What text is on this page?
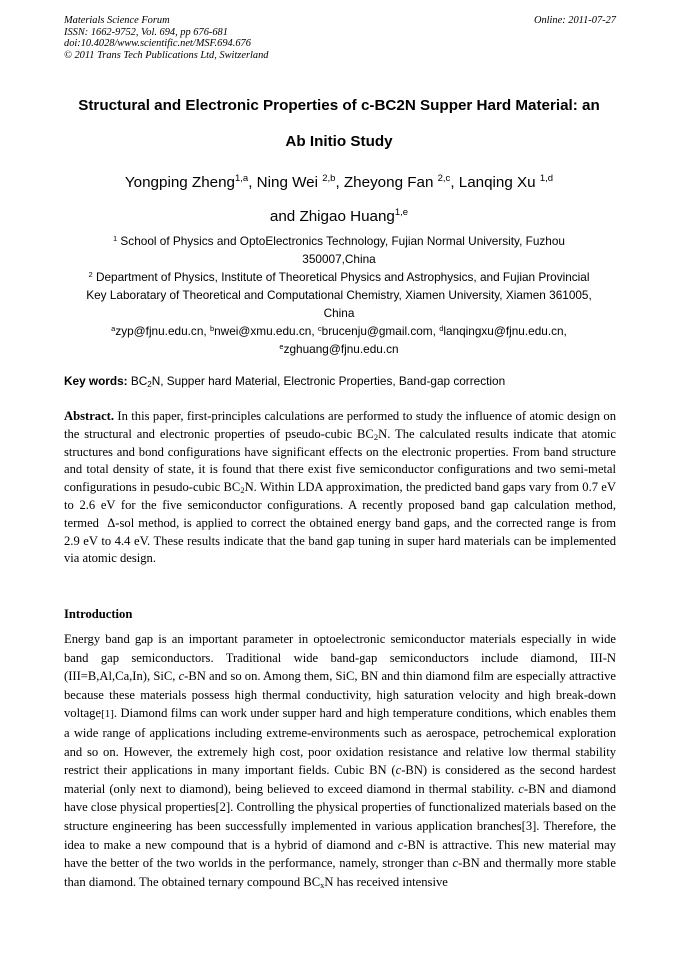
Materials Science Forum
ISSN: 1662-9752, Vol. 694, pp 676-681
doi:10.4028/www.scientific.net/MSF.694.676
© 2011 Trans Tech Publications Ltd, Switzerland
Online: 2011-07-27
Structural and Electronic Properties of c-BC2N Supper Hard Material: an
Ab Initio Study
Yongping Zheng$^{1,a}$, Ning Wei $^{2,b}$, Zheyong Fan $^{2,c}$, Lanqing Xu $^{1,d}$
and Zhigao Huang$^{1,e}$
$^1$ School of Physics and OptoElectronics Technology, Fujian Normal University, Fuzhou
350007,China
$^2$ Department of Physics, Institute of Theoretical Physics and Astrophysics, and Fujian Provincial
Key Laboratary of Theoretical and Computational Chemistry, Xiamen University, Xiamen 361005,
China
$^a$zyp@fjnu.edu.cn, $^b$nwei@xmu.edu.cn, $^c$brucenju@gmail.com, $^d$lanqingxu@fjnu.edu.cn,
$^e$zghuang@fjnu.edu.cn
Key words: $BC_2N$, Supper hard Material, Electronic Properties, Band-gap correction
Abstract. In this paper, first-principles calculations are performed to study the influence of atomic design on the structural and electronic properties of pseudo-cubic $BC_2N$. The calculated results indicate that atomic structures and bond configurations have significant effects on the electronic properties. From band structure and total density of state, it is found that there exist five semiconductor configurations and two semi-metal configurations in pesudo-cubic $BC_2N$. Within LDA approximation, the predicted band gaps vary from 0.7 eV to 2.6 eV for the five semiconductor configurations. A recently proposed band gap calculation method, termed  Δ-sol method, is applied to correct the obtained energy band gaps, and the corrected range is from 2.9 eV to 4.4 eV. These results indicate that the band gap tuning in super hard materials can be implemented via atomic design.
Introduction
Energy band gap is an important parameter in optoelectronic semiconductor materials especially in wide band gap semiconductors. Traditional wide band-gap semiconductors include diamond, III-N (III=B,Al,Ca,In), SiC, c-BN and so on. Among them, SiC, BN and thin diamond film are especially attractive because these materials possess high thermal conductivity, high saturation velocity and high break-down voltage[1]. Diamond films can work under supper hard and high temperature conditions, which enables them a wide range of applications including extreme-environments such as aerospace, petrochemical exploration and so on. However, the extremely high cost, poor oxidation resistance and relative low thermal stability restrict their applications in many important fields. Cubic BN (c-BN) is considered as the second hardest material (only next to diamond), being believed to exceed diamond in thermal stability. c-BN and diamond have close physical properties[2]. Controlling the physical properties of functionalized materials based on the structure engineering has been successfully implemented in various application branches[3]. Therefore, the idea to make a new compound that is a hybrid of diamond and c-BN is attractive. This new material may have the better of the two worlds in the performance, namely, stronger than c-BN and thermally more stable than diamond. The obtained ternary compound $BC_xN$ has received intensive
